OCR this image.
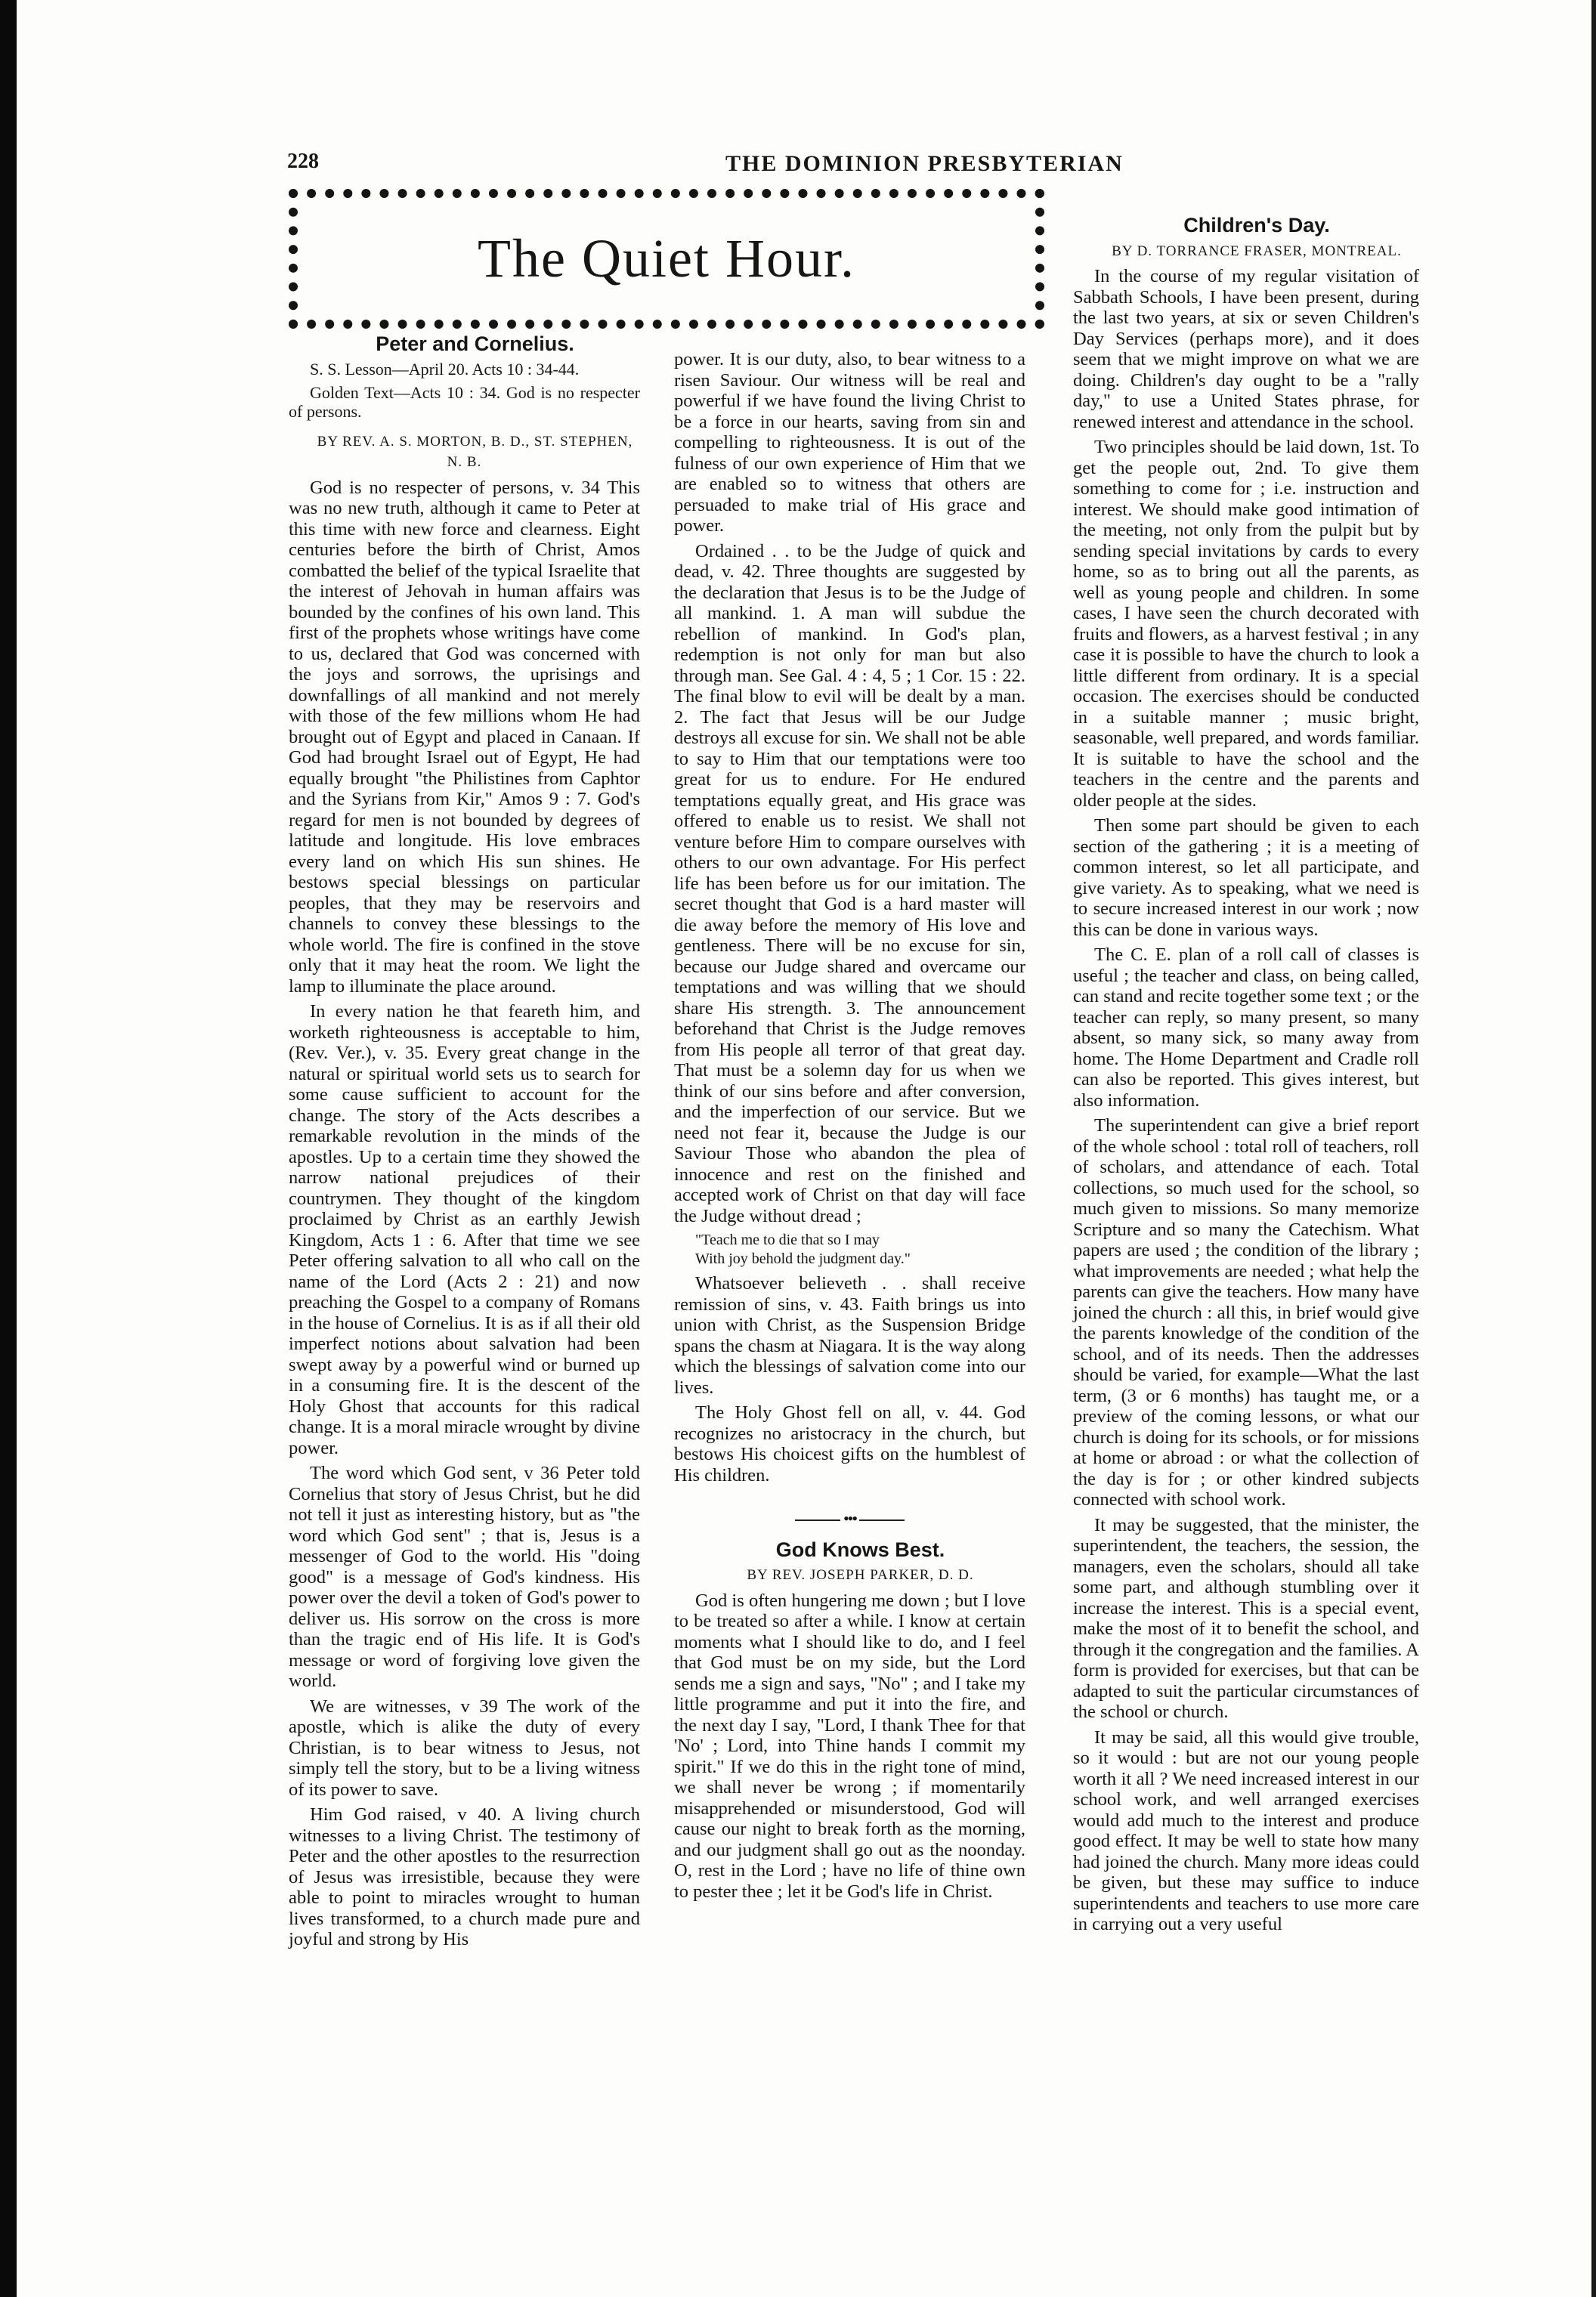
228	THE DOMINION PRESBYTERIAN
The Quiet Hour.

Peter and Cornelius.

S. S. Lesson—April 20. Acts 10 : 34-44.

Golden Text—Acts 10 : 34. God is no respecter of persons.

BY REV. A. S. MORTON, B. D., ST. STEPHEN, N. B.

God is no respecter of persons, v. 34 This was no new truth, although it came to Peter at this time with new force and clearness. Eight centuries before the birth of Christ, Amos combatted the belief of the typical Israelite that the interest of Jehovah in human affairs was bounded by the confines of his own land. This first of the prophets whose writings have come to us, declared that God was concerned with the joys and sorrows, the uprisings and downfallings of all mankind and not merely with those of the few millions whom He had brought out of Egypt and placed in Canaan. If God had brought Israel out of Egypt, He had equally brought "the Philistines from Caphtor and the Syrians from Kir," Amos 9 : 7. God's regard for men is not bounded by degrees of latitude and longitude. His love embraces every land on which His sun shines. He bestows special blessings on particular peoples, that they may be reservoirs and channels to convey these blessings to the whole world. The fire is confined in the stove only that it may heat the room. We light the lamp to illuminate the place around.

In every nation he that feareth him, and worketh righteousness is acceptable to him, (Rev. Ver.), v. 35. Every great change in the natural or spiritual world sets us to search for some cause sufficient to account for the change. The story of the Acts describes a remarkable revolution in the minds of the apostles. Up to a certain time they showed the narrow national prejudices of their countrymen. They thought of the kingdom proclaimed by Christ as an earthly Jewish Kingdom, Acts 1 : 6. After that time we see Peter offering salvation to all who call on the name of the Lord (Acts 2 : 21) and now preaching the Gospel to a company of Romans in the house of Cornelius. It is as if all their old imperfect notions about salvation had been swept away by a powerful wind or burned up in a consuming fire. It is the descent of the Holy Ghost that accounts for this radical change. It is a moral miracle wrought by divine power.

The word which God sent, v 36 Peter told Cornelius that story of Jesus Christ, but he did not tell it just as interesting history, but as "the word which God sent" ; that is, Jesus is a messenger of God to the world. His "doing good" is a message of God's kindness. His power over the devil a token of God's power to deliver us. His sorrow on the cross is more than the tragic end of His life. It is God's message or word of forgiving love given the world.

We are witnesses, v 39 The work of the apostle, which is alike the duty of every Christian, is to bear witness to Jesus, not simply tell the story, but to be a living witness of its power to save.

Him God raised, v 40. A living church witnesses to a living Christ. The testimony of Peter and the other apostles to the resurrection of Jesus was irresistible, because they were able to point to miracles wrought to human lives transformed, to a church made pure and joyful and strong by His

power. It is our duty, also, to bear witness to a risen Saviour. Our witness will be real and powerful if we have found the living Christ to be a force in our hearts, saving from sin and compelling to righteousness. It is out of the fulness of our own experience of Him that we are enabled so to witness that others are persuaded to make trial of His grace and power.

Ordained . . to be the Judge of quick and dead, v. 42. Three thoughts are suggested by the declaration that Jesus is to be the Judge of all mankind. 1. A man will subdue the rebellion of mankind. In God's plan, redemption is not only for man but also through man. See Gal. 4 : 4, 5 ; 1 Cor. 15 : 22. The final blow to evil will be dealt by a man. 2. The fact that Jesus will be our Judge destroys all excuse for sin. We shall not be able to say to Him that our temptations were too great for us to endure. For He endured temptations equally great, and His grace was offered to enable us to resist. We shall not venture before Him to compare ourselves with others to our own advantage. For His perfect life has been before us for our imitation. The secret thought that God is a hard master will die away before the memory of His love and gentleness. There will be no excuse for sin, because our Judge shared and overcame our temptations and was willing that we should share His strength. 3. The announcement beforehand that Christ is the Judge removes from His people all terror of that great day. That must be a solemn day for us when we think of our sins before and after conversion, and the imperfection of our service. But we need not fear it, because the Judge is our Saviour Those who abandon the plea of innocence and rest on the finished and accepted work of Christ on that day will face the Judge without dread ;

"Teach me to die that so I may

With joy behold the judgment day."

Whatsoever believeth . . shall receive remission of sins, v. 43. Faith brings us into union with Christ, as the Suspension Bridge spans the chasm at Niagara. It is the way along which the blessings of salvation come into our lives.

The Holy Ghost fell on all, v. 44. God recognizes no aristocracy in the church, but bestows His choicest gifts on the humblest of His children.

•••

God Knows Best.

BY REV. JOSEPH PARKER, D. D.

God is often hungering me down ; but I love to be treated so after a while. I know at certain moments what I should like to do, and I feel that God must be on my side, but the Lord sends me a sign and says, "No" ; and I take my little programme and put it into the fire, and the next day I say, "Lord, I thank Thee for that 'No' ; Lord, into Thine hands I commit my spirit." If we do this in the right tone of mind, we shall never be wrong ; if momentarily misapprehended or misunderstood, God will cause our night to break forth as the morning, and our judgment shall go out as the noonday. O, rest in the Lord ; have no life of thine own to pester thee ; let it be God's life in Christ.

Children's Day.

BY D. TORRANCE FRASER, MONTREAL.

In the course of my regular visitation of Sabbath Schools, I have been present, during the last two years, at six or seven Children's Day Services (perhaps more), and it does seem that we might improve on what we are doing. Children's day ought to be a "rally day," to use a United States phrase, for renewed interest and attendance in the school.

Two principles should be laid down, 1st. To get the people out, 2nd. To give them something to come for ; i.e. instruction and interest. We should make good intimation of the meeting, not only from the pulpit but by sending special invitations by cards to every home, so as to bring out all the parents, as well as young people and children. In some cases, I have seen the church decorated with fruits and flowers, as a harvest festival ; in any case it is possible to have the church to look a little different from ordinary. It is a special occasion. The exercises should be conducted in a suitable manner ; music bright, seasonable, well prepared, and words familiar. It is suitable to have the school and the teachers in the centre and the parents and older people at the sides.

Then some part should be given to each section of the gathering ; it is a meeting of common interest, so let all participate, and give variety. As to speaking, what we need is to secure increased interest in our work ; now this can be done in various ways.

The C. E. plan of a roll call of classes is useful ; the teacher and class, on being called, can stand and recite together some text ; or the teacher can reply, so many present, so many absent, so many sick, so many away from home. The Home Department and Cradle roll can also be reported. This gives interest, but also information.

The superintendent can give a brief report of the whole school : total roll of teachers, roll of scholars, and attendance of each. Total collections, so much used for the school, so much given to missions. So many memorize Scripture and so many the Catechism. What papers are used ; the condition of the library ; what improvements are needed ; what help the parents can give the teachers. How many have joined the church : all this, in brief would give the parents knowledge of the condition of the school, and of its needs. Then the addresses should be varied, for example—What the last term, (3 or 6 months) has taught me, or a preview of the coming lessons, or what our church is doing for its schools, or for missions at home or abroad : or what the collection of the day is for ; or other kindred subjects connected with school work.

It may be suggested, that the minister, the superintendent, the teachers, the session, the managers, even the scholars, should all take some part, and although stumbling over it increase the interest. This is a special event, make the most of it to benefit the school, and through it the congregation and the families. A form is provided for exercises, but that can be adapted to suit the particular circumstances of the school or church.

It may be said, all this would give trouble, so it would : but are not our young people worth it all ? We need increased interest in our school work, and well arranged exercises would add much to the interest and produce good effect. It may be well to state how many had joined the church. Many more ideas could be given, but these may suffice to induce superintendents and teachers to use more care in carrying out a very useful
